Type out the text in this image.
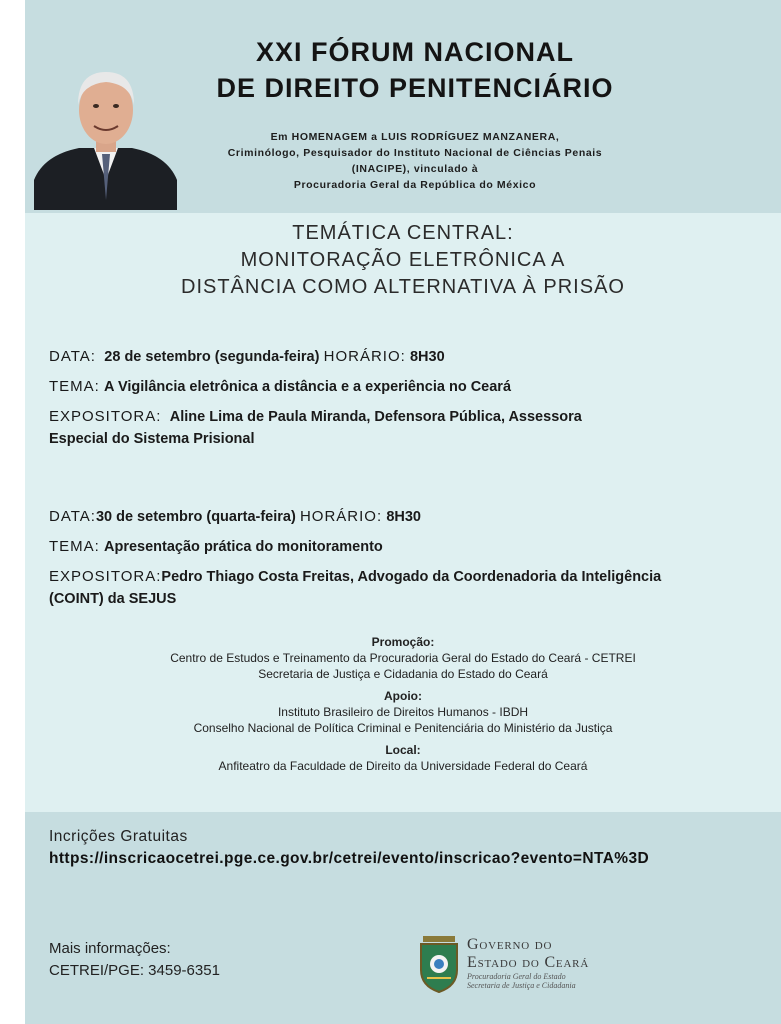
XXI FÓRUM NACIONAL
DE DIREITO PENITENCIÁRIO
Em HOMENAGEM a LUIS RODRÍGUEZ MANZANERA,
Criminólogo, Pesquisador do Instituto Nacional de Ciências Penais
(INACIPE), vinculado à
Procuradoria Geral da República do México
TEMÁTICA CENTRAL:
MONITORAÇÃO ELETRÔNICA A
DISTÂNCIA COMO ALTERNATIVA À PRISÃO

DATA: 28 de setembro (segunda-feira) HORÁRIO: 8H30

TEMA: A Vigilância eletrônica a distância e a experiência no Ceará

EXPOSITORA: Aline Lima de Paula Miranda, Defensora Pública, Assessora

Especial do Sistema Prisional

DATA:30 de setembro (quarta-feira) HORÁRIO: 8H30

TEMA: Apresentação prática do monitoramento

EXPOSITORA:Pedro Thiago Costa Freitas, Advogado da Coordenadoria da Inteligência

(COINT) da SEJUS

Promoção:
Centro de Estudos e Treinamento da Procuradoria Geral do Estado do Ceará - CETREI
Secretaria de Justiça e Cidadania do Estado do Ceará
Apoio:
Instituto Brasileiro de Direitos Humanos - IBDH
Conselho Nacional de Política Criminal e Penitenciária do Ministério da Justiça
Local:
Anfiteatro da Faculdade de Direito da Universidade Federal do Ceará
Incrições Gratuitas
https://inscricaocetrei.pge.ce.gov.br/cetrei/evento/inscricao?evento=NTA%3D
Mais informações:
CETREI/PGE: 3459-6351
Governo do
Estado do Ceará
Procuradoria Geral do Estado
Secretaria de Justiça e Cidadania
